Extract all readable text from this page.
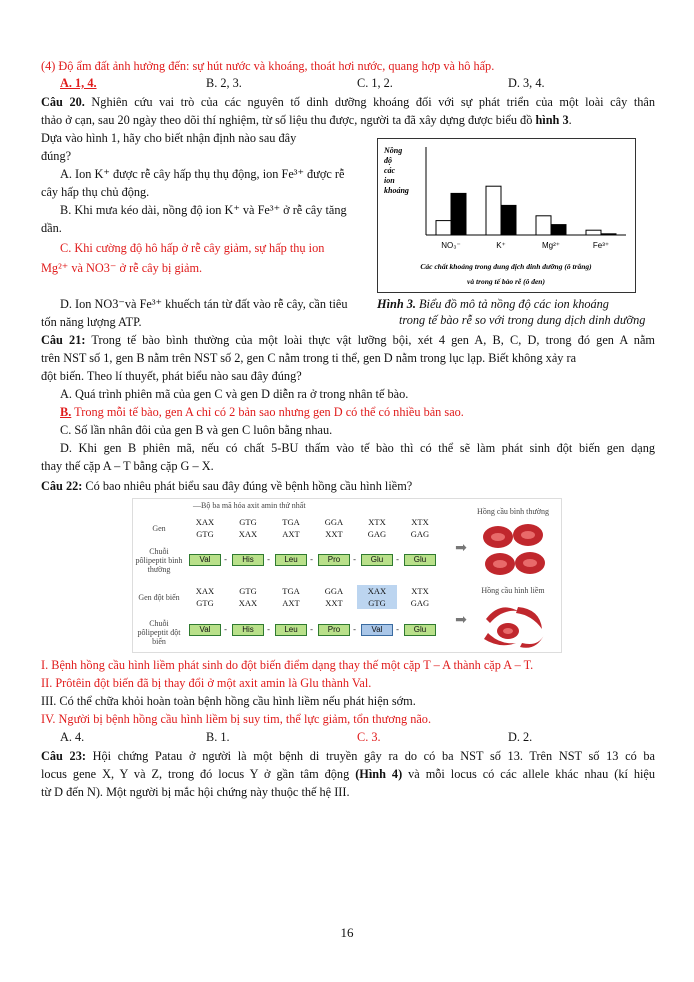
(4) Độ ẩm đất ảnh hưởng đến: sự hút nước và khoáng, thoát hơi nước, quang hợp và hô hấp.
A. 1, 4.	B. 2, 3.	C. 1, 2.	D. 3, 4.
Câu 20. Nghiên cứu vai trò của các nguyên tố dinh dưỡng khoáng đối với sự phát triển của một loài cây thân
thảo ở cạn, sau 20 ngày theo dõi thí nghiệm, từ số liệu thu được, người ta đã xây dựng được biểu đồ hình 3.
Dựa vào hình 1, hãy cho biết nhận định nào sau đây
đúng?
A. Ion K⁺ được rễ cây hấp thụ thụ động, ion Fe³⁺ được rễ
cây hấp thụ chủ động.
B. Khi mưa kéo dài, nồng độ ion K⁺ và Fe³⁺ ở rễ cây tăng
dần.
C. Khi cường độ hô hấp ở rễ cây giảm, sự hấp thụ ion
Mg²⁺ và NO3⁻ ở rễ cây bị giảm.
D. Ion NO3⁻và Fe³⁺ khuếch tán từ đất vào rễ cây, cần tiêu
tốn năng lượng ATP.
Nồng
độ
các
ion
khoáng
NO₃⁻	K⁺	Mg²⁺	Fe³⁺
Các chất khoáng trong dung dịch dinh dưỡng (ô trắng)
và trong tế bào rễ (ô đen)
Hình 3. Biểu đồ mô tả nồng độ các ion khoáng
trong tế bào rễ so với trong dung dịch dinh dưỡng
Câu 21: Trong tế bào bình thường của một loài thực vật lưỡng bội, xét 4 gen A, B, C, D, trong đó gen A nằm
trên NST số 1, gen B nằm trên NST số 2, gen C nằm trong ti thể, gen D nằm trong lục lạp. Biết không xảy ra
đột biến. Theo lí thuyết, phát biểu nào sau đây đúng?
A. Quá trình phiên mã của gen C và gen D diễn ra ở trong nhân tế bào.
B. Trong mỗi tế bào, gen A chỉ có 2 bản sao nhưng gen D có thể có nhiều bản sao.
C. Số lần nhân đôi của gen B và gen C luôn bằng nhau.
D. Khi gen B phiên mã, nếu có chất 5-BU thấm vào tế bào thì có thể sẽ làm phát sinh đột biến gen dạng
thay thế cặp A – T bằng cặp G – X.
Câu 22: Có bao nhiêu phát biểu sau đây đúng về bệnh hồng cầu hình liềm?
—Bộ ba mã hóa axit amin thứ nhất
Hồng cầu bình thường
Hồng cầu hình liềm
Gen
Chuỗi pôlipeptit bình thường
Gen đột biến
Chuỗi pôlipeptit đột biến
XAX	GTG	TGA	GGA	XTX	XTX
GTG	XAX	AXT	XXT	GAG	GAG
XAX	GTG	TGA	GGA	XAX	XTX
GTG	XAX	AXT	XXT	GTG	GAG
Val	-	His	-	Leu	-	Pro	-	Glu	-	Glu
Val	-	His	-	Leu	-	Pro	-	Val	-	Glu
➡
➡
I. Bệnh hồng cầu hình liềm phát sinh do đột biến điểm dạng thay thế một cặp T – A thành cặp A – T.
II. Prôtêin đột biến đã bị thay đổi ở một axit amin là Glu thành Val.
III. Có thể chữa khỏi hoàn toàn bệnh hồng cầu hình liềm nếu phát hiện sớm.
IV. Người bị bệnh hồng cầu hình liềm bị suy tim, thể lực giảm, tổn thương não.
A. 4.	B. 1.	C. 3.	D. 2.
Câu 23: Hội chứng Patau ở người là một bệnh di truyền gây ra do có ba NST số 13. Trên NST số 13 có ba
locus gene X, Y và Z, trong đó locus Y ở gần tâm động (Hình 4) và mỗi locus có các allele khác nhau (kí hiệu
từ D đến N). Một người bị mắc hội chứng này thuộc thế hệ III.
16
